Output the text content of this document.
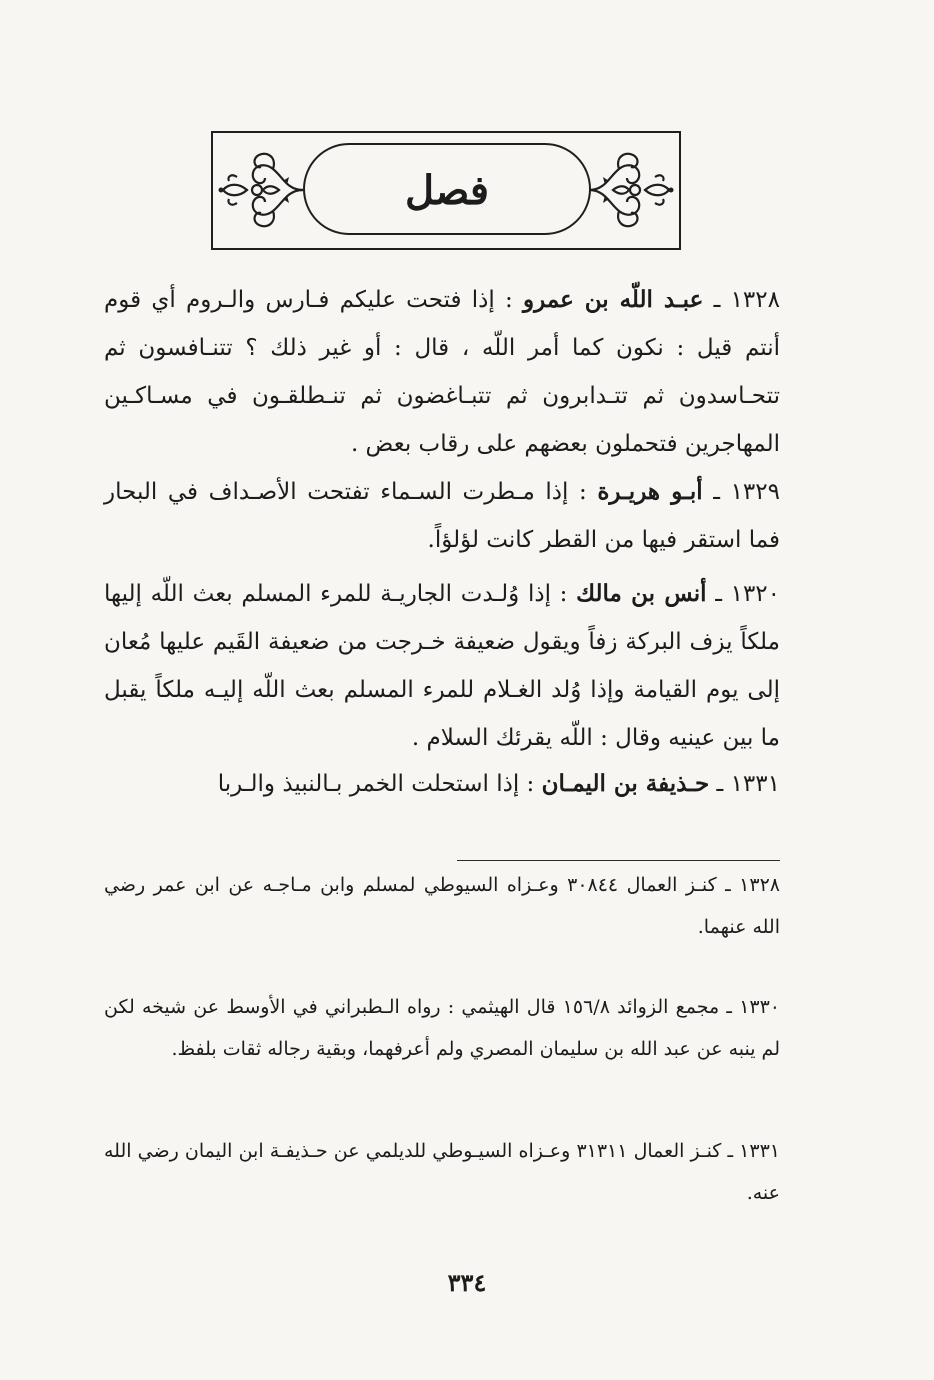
فصل

١٣٢٨ ـ عبـد اللّه بن عمرو : إذا فتحت عليكم فـارس والـروم أي قوم أنتم قيل : نكون كما أمر اللّه ، قال : أو غير ذلك ؟ تتنـافسون ثم تتحـاسدون ثم تتـدابرون ثم تتبـاغضون ثم تنـطلقـون في مسـاكـين المهاجرين فتحملون بعضهم على رقاب بعض .

١٣٢٩ ـ أبـو هريـرة : إذا مـطرت السـماء تفتحت الأصـداف في البحار فما استقر فيها من القطر كانت لؤلؤاً.

١٣٢٠ ـ أنس بن مالك : إذا وُلـدت الجاريـة للمرء المسلم بعث اللّه إليها ملكاً يزف البركة زفاً ويقول ضعيفة خـرجت من ضعيفة القَيم عليها مُعان إلى يوم القيامة وإذا وُلد الغـلام للمرء المسلم بعث اللّه إليـه ملكاً يقبل ما بين عينيه وقال : اللّه يقرئك السلام .

١٣٣١ ـ حـذيفة بن اليمـان : إذا استحلت الخمر بـالنبيذ والـربا

١٣٢٨ ـ كنـز العمال ٣٠٨٤٤ وعـزاه السيوطي لمسلم وابن مـاجـه عن ابن عمر رضي الله عنهما.
١٣٣٠ ـ مجمع الزوائد ١٥٦/٨ قال الهيثمي : رواه الـطبراني في الأوسط عن شيخه لكن لم ينبه عن عبد الله بن سليمان المصري ولم أعرفهما، وبقية رجاله ثقات بلفظ.
١٣٣١ ـ كنـز العمال ٣١٣١١ وعـزاه السيـوطي للديلمي عن حـذيفـة ابن اليمان رضي الله عنه.
٣٣٤
